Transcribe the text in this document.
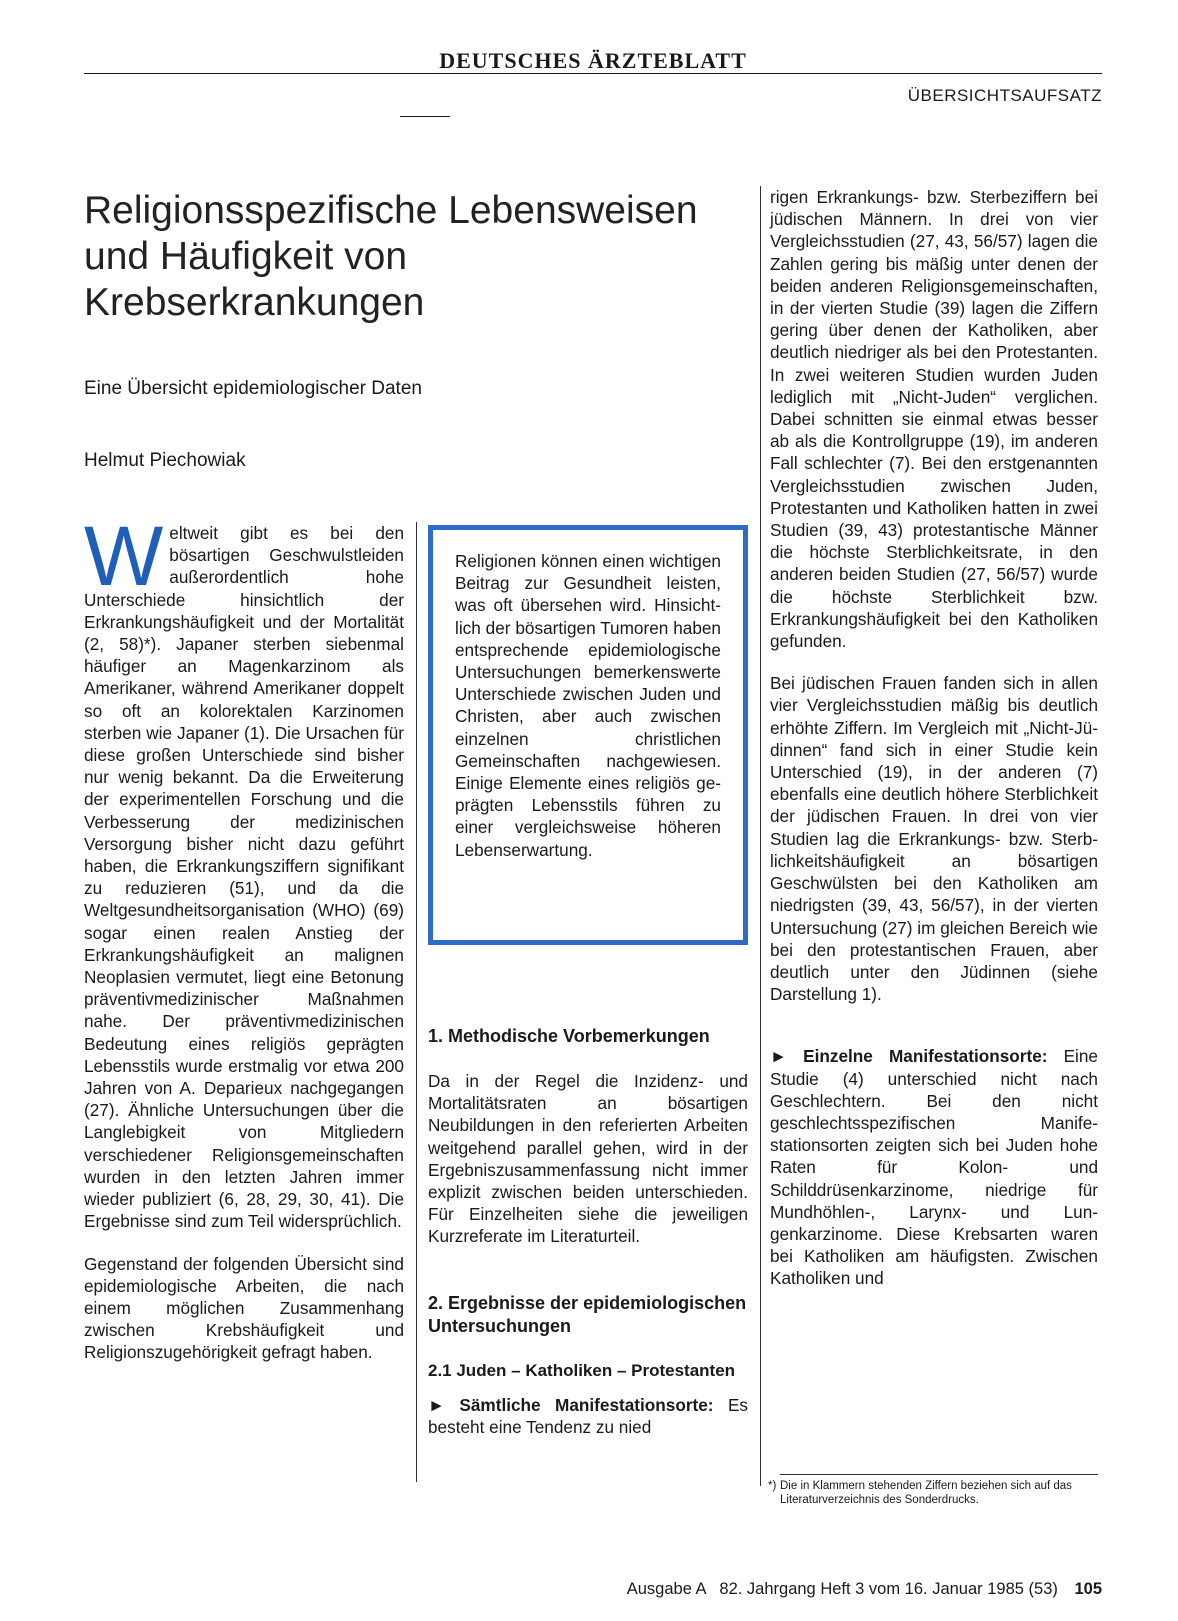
DEUTSCHES ÄRZTEBLATT
ÜBERSICHTSAUFSATZ
Religionsspezifische Lebensweisen und Häufigkeit von Krebserkrankungen
Eine Übersicht epidemiologischer Daten
Helmut Piechowiak

Weltweit gibt es bei den bösartigen Geschwulstleiden außerordentlich hohe Unterschiede hinsichtlich der Erkrankungshäufigkeit und der Mortalität (2, 58)*). Japaner sterben siebenmal häufiger an Magenkarzinom als Amerikaner, während Amerikaner doppelt so oft an kolorektalen Karzinomen sterben wie Japaner (1). Die Ursachen für diese großen Unterschiede sind bisher nur wenig bekannt. Da die Erweiterung der experimentellen Forschung und die Verbesserung der medizinischen Versorgung bisher nicht dazu geführt haben, die Erkrankungsziffern signifikant zu reduzieren (51), und da die Weltgesundheitsorganisation (WHO) (69) sogar einen realen Anstieg der Erkrankungshäufigkeit an malignen Neoplasien vermutet, liegt eine Betonung präventivmedizinischer Maßnahmen nahe. Der präventivmedizinischen Bedeutung eines religiös geprägten Lebensstils wurde erstmalig vor etwa 200 Jahren von A. Deparieux nachgegangen (27). Ähnliche Untersuchungen über die Langlebigkeit von Mitgliedern verschiedener Religionsgemeinschaften wurden in den letzten Jahren immer wieder publiziert (6, 28, 29, 30, 41). Die Ergebnisse sind zum Teil widersprüchlich.

Gegenstand der folgenden Übersicht sind epidemiologische Arbeiten, die nach einem möglichen Zusammenhang zwischen Krebshäufigkeit und Religionszugehörigkeit gefragt haben.

Religionen können einen wichtigen Beitrag zur Gesundheit leisten, was oft übersehen wird. Hinsichtlich der bösartigen Tumoren haben entsprechende epidemiologische Untersuchungen bemerkenswerte Unterschiede zwischen Juden und Christen, aber auch zwischen einzelnen christlichen Gemeinschaften nachgewiesen. Einige Elemente eines religiös geprägten Lebensstils führen zu einer vergleichsweise höheren Lebenserwartung.
1. Methodische Vorbemerkungen

Da in der Regel die Inzidenz- und Mortalitätsraten an bösartigen Neubildungen in den referierten Arbeiten weitgehend parallel gehen, wird in der Ergebniszusammenfassung nicht immer explizit zwischen beiden unterschieden. Für Einzelheiten siehe die jeweiligen Kurzreferate im Literaturteil.

2. Ergebnisse der epidemiologischen Untersuchungen
2.1 Juden – Katholiken – Protestanten

► Sämtliche Manifestationsorte: Es besteht eine Tendenz zu nied

rigen Erkrankungs- bzw. Sterbeziffern bei jüdischen Männern. In drei von vier Vergleichsstudien (27, 43, 56/57) lagen die Zahlen gering bis mäßig unter denen der beiden anderen Religionsgemeinschaften, in der vierten Studie (39) lagen die Ziffern gering über denen der Katholiken, aber deutlich niedriger als bei den Protestanten. In zwei weiteren Studien wurden Juden lediglich mit „Nicht-Juden“ verglichen. Dabei schnitten sie einmal etwas besser ab als die Kontrollgruppe (19), im anderen Fall schlechter (7). Bei den erstgenannten Vergleichsstudien zwischen Juden, Protestanten und Katholiken hatten in zwei Studien (39, 43) protestantische Männer die höchste Sterblichkeitsrate, in den anderen beiden Studien (27, 56/57) wurde die höchste Sterblichkeit bzw. Erkrankungshäufigkeit bei den Katholiken gefunden.

Bei jüdischen Frauen fanden sich in allen vier Vergleichsstudien mäßig bis deutlich erhöhte Ziffern. Im Vergleich mit „Nicht-Jüdinnen“ fand sich in einer Studie kein Unterschied (19), in der anderen (7) ebenfalls eine deutlich höhere Sterblichkeit der jüdischen Frauen. In drei von vier Studien lag die Erkrankungs- bzw. Sterblichkeitshäufigkeit an bösartigen Geschwülsten bei den Katholiken am niedrigsten (39, 43, 56/57), in der vierten Untersuchung (27) im gleichen Bereich wie bei den protestantischen Frauen, aber deutlich unter den Jüdinnen (siehe Darstellung 1).

► Einzelne Manifestationsorte: Eine Studie (4) unterschied nicht nach Geschlechtern. Bei den nicht geschlechtsspezifischen Manifestationsorten zeigten sich bei Juden hohe Raten für Kolon- und Schilddrüsenkarzinome, niedrige für Mundhöhlen-, Larynx- und Lungenkarzinome. Diese Krebsarten waren bei Katholiken am häufigsten. Zwischen Katholiken und

*) Die in Klammern stehenden Ziffern beziehen sich auf das Literaturverzeichnis des Sonderdrucks.
Ausgabe A   82. Jahrgang Heft 3 vom 16. Januar 1985 (53) 105
